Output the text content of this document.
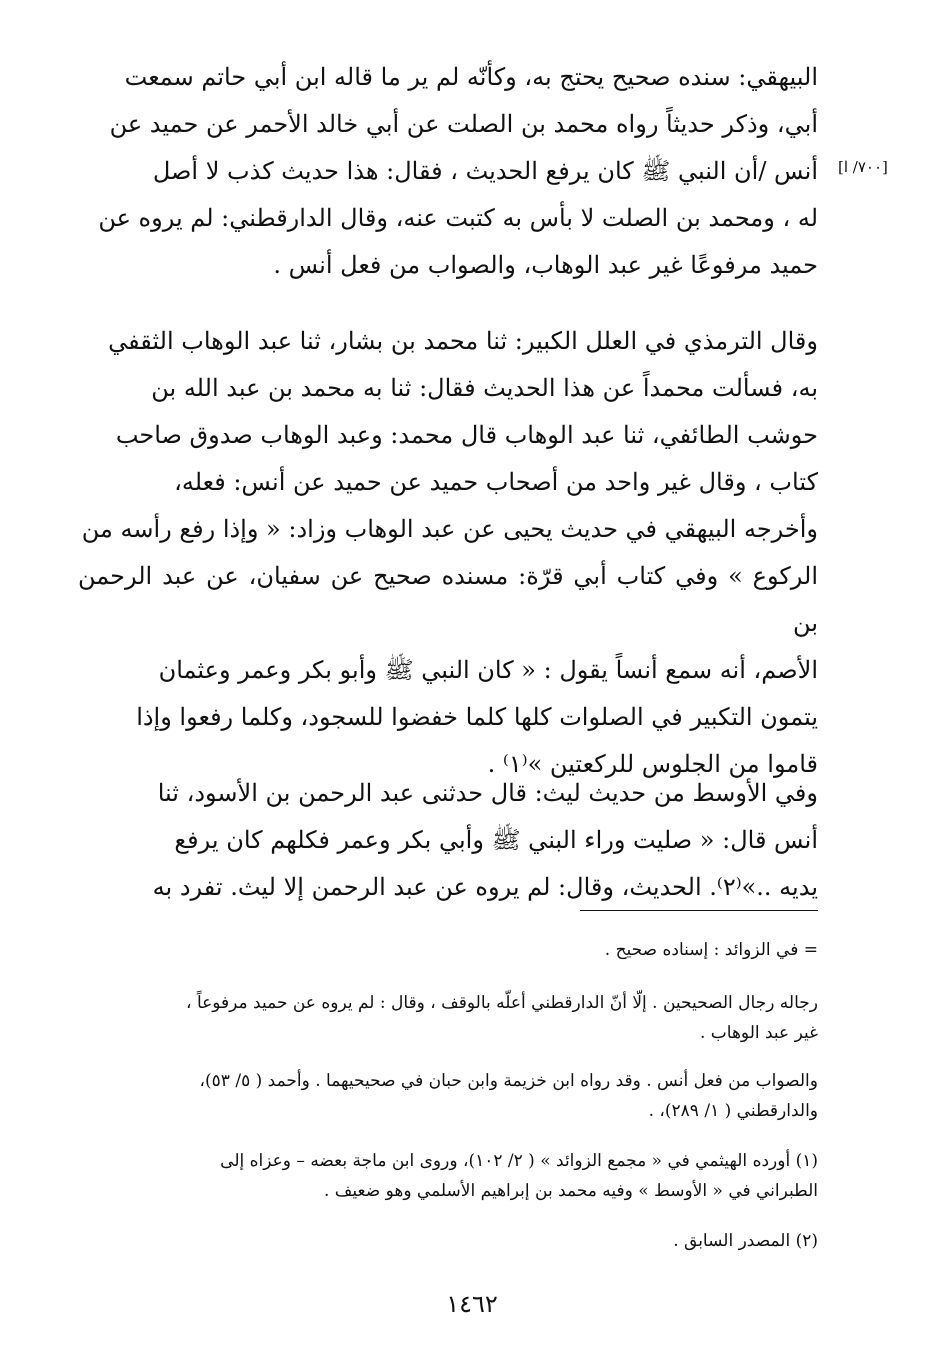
[٧٠٠/ ا]
البيهقي: سنده صحيح يحتج به، وكأنّه لم ير ما قاله ابن أبي حاتم سمعت
أبي، وذكر حديثاً رواه محمد بن الصلت عن أبي خالد الأحمر عن حميد عن
أنس /أن النبي ﷺ كان يرفع الحديث ، فقال: هذا حديث كذب لا أصل
له ، ومحمد بن الصلت لا بأس به كتبت عنه، وقال الدارقطني: لم يروه عن
حميد مرفوعًا غير عبد الوهاب، والصواب من فعل أنس .
وقال الترمذي في العلل الكبير: ثنا محمد بن بشار، ثنا عبد الوهاب الثقفي
به، فسألت محمداً عن هذا الحديث فقال: ثنا به محمد بن عبد الله بن
حوشب الطائفي، ثنا عبد الوهاب قال محمد: وعبد الوهاب صدوق صاحب
كتاب ، وقال غير واحد من أصحاب حميد عن حميد عن أنس: فعله،
وأخرجه البيهقي في حديث يحيى عن عبد الوهاب وزاد: « وإذا رفع رأسه من
الركوع » وفي كتاب أبي قرّة: مسنده صحيح عن سفيان، عن عبد الرحمن بن
الأصم، أنه سمع أنساً يقول : « كان النبي ﷺ وأبو بكر وعمر وعثمان
يتمون التكبير في الصلوات كلها كلما خفضوا للسجود، وكلما رفعوا وإذا
قاموا من الجلوس للركعتين »⁽١⁾ .
وفي الأوسط من حديث ليث: قال حدثنى عبد الرحمن بن الأسود، ثنا
أنس قال: « صليت وراء البني ﷺ وأبي بكر وعمر فكلهم كان يرفع
يديه ..»⁽٢⁾. الحديث، وقال: لم يروه عن عبد الرحمن إلا ليث. تفرد به
= في الزوائد : إسناده صحيح .
رجاله رجال الصحيحين . إلّا أنّ الدارقطني أعلّه بالوقف ، وقال : لم يروه عن حميد مرفوعاً ،
غير عبد الوهاب .
والصواب من فعل أنس . وقد رواه ابن خزيمة وابن حبان في صحيحيهما . وأحمد ( ٥/ ٥٣)،
والدارقطني ( ١/ ٢٨٩)، .
(١) أورده الهيثمي في « مجمع الزوائد » ( ٢/ ١٠٢)، وروى ابن ماجة بعضه – وعزاه إلى
الطبراني في « الأوسط » وفيه محمد بن إبراهيم الأسلمي وهو ضعيف .
(٢) المصدر السابق .
١٤٦٢
